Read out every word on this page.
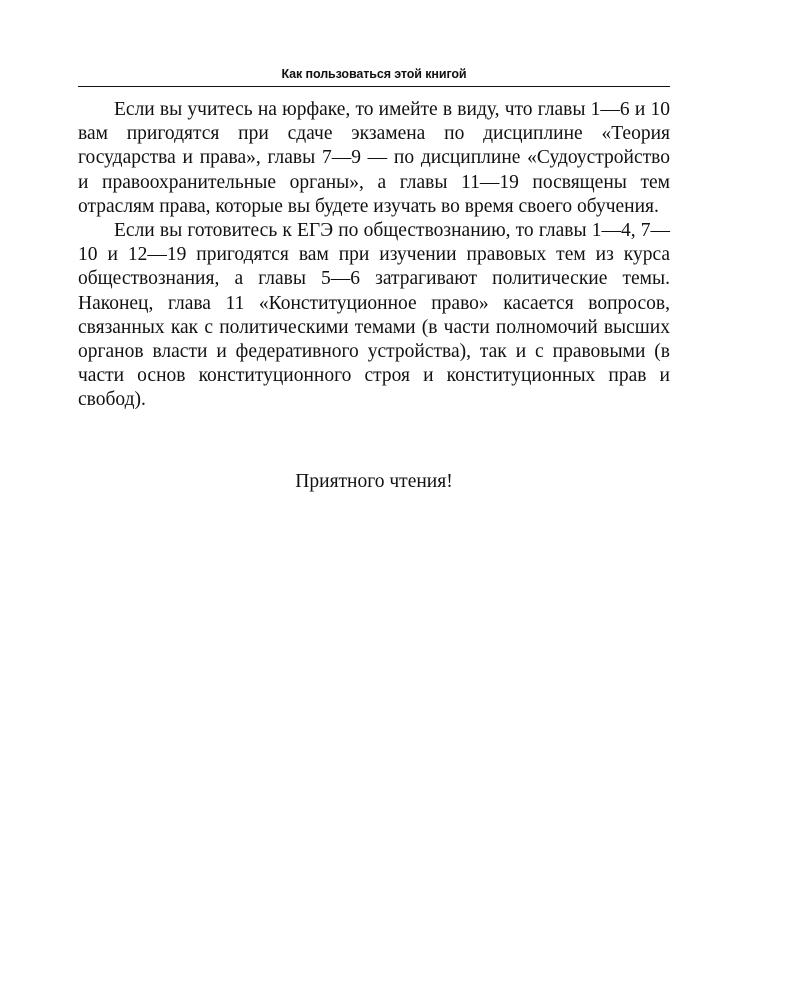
Как пользоваться этой книгой

Если вы учитесь на юрфаке, то имейте в виду, что главы 1—6 и 10 вам пригодятся при сдаче экзамена по дисциплине «Теория государства и права», главы 7—9 — по дисциплине «Судоустройство и правоохранительные органы», а главы 11—19 посвящены тем отраслям права, которые вы будете изучать во время своего обучения.

Если вы готовитесь к ЕГЭ по обществознанию, то главы 1—4, 7—10 и 12—19 пригодятся вам при изучении правовых тем из курса обществознания, а главы 5—6 затрагивают политические темы. Наконец, глава 11 «Конституционное право» касается вопросов, связанных как с политическими темами (в части полномочий высших органов власти и федеративного устройства), так и с правовыми (в части основ конституционного строя и конституционных прав и свобод).

Приятного чтения!
